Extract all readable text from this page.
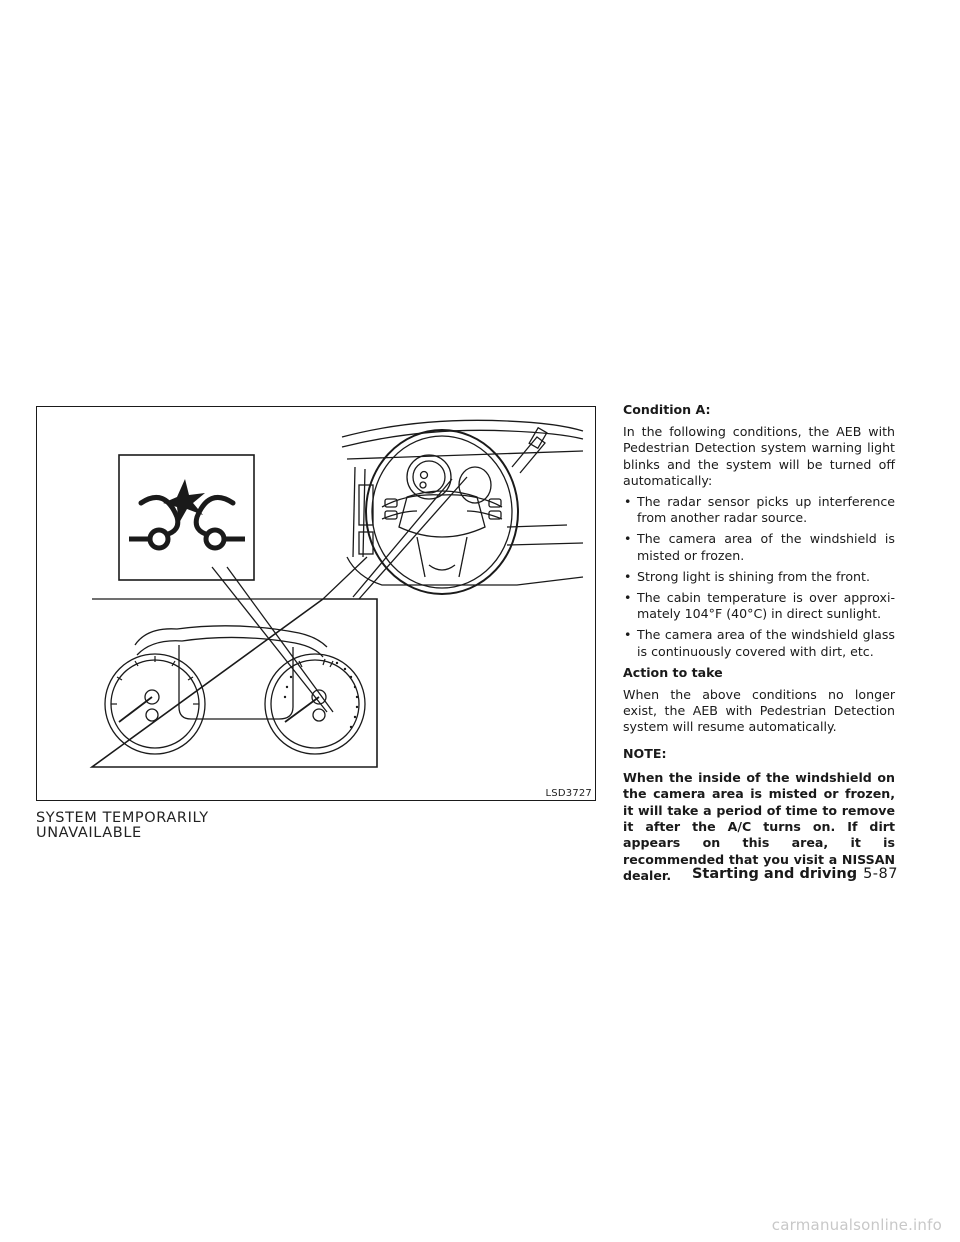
LSD3727
SYSTEM TEMPORARILY
UNAVAILABLE

Condition A:

In the following conditions, the AEB with Pedestrian Detection system warning light blinks and the system will be turned off automatically:

• The radar sensor picks up interference from another radar source.
• The camera area of the windshield is misted or frozen.
• Strong light is shining from the front.
• The cabin temperature is over approxi- mately 104°F (40°C) in direct sunlight.
• The camera area of the windshield glass is continuously covered with dirt, etc.

Action to take

When the above conditions no longer exist, the AEB with Pedestrian Detection system will resume automatically.

NOTE:

When the inside of the windshield on the camera area is misted or frozen, it will take a period of time to remove it after the A/C turns on. If dirt appears on this area, it is recommended that you visit a NISSAN dealer.	Starting and driving 5-87
carmanualsonline.info
